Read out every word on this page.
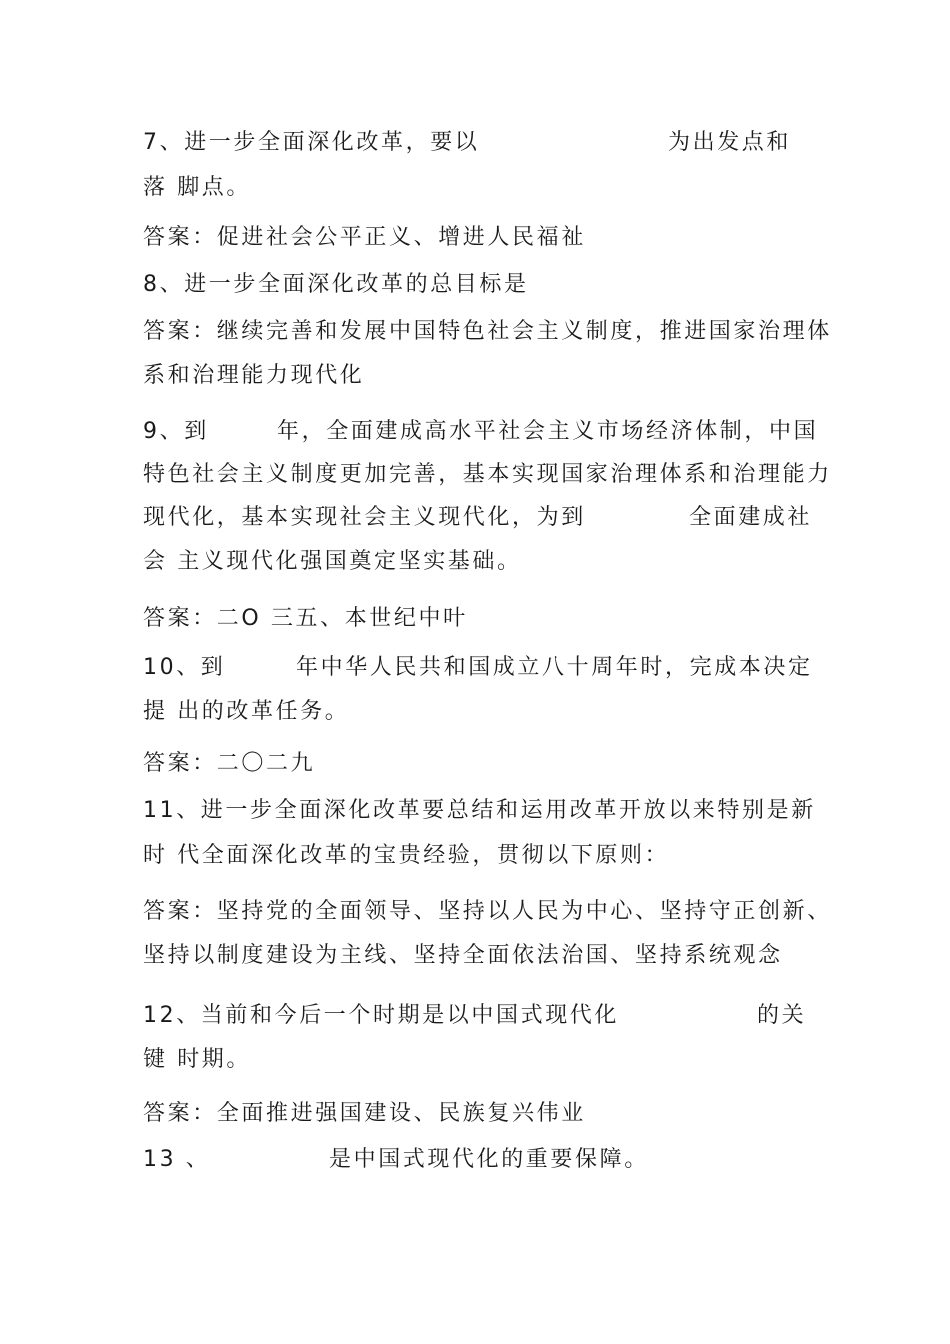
7、进一步全面深化改革，要以	为出发点和
落 脚点。
答案：促进社会公平正义、增进人民福祉
8、进一步全面深化改革的总目标是
答案：继续完善和发展中国特色社会主义制度，推进国家治理体
系和治理能力现代化
9、到	年，全面建成高水平社会主义市场经济体制，中国
特色社会主义制度更加完善，基本实现国家治理体系和治理能力
现代化，基本实现社会主义现代化，为到	全面建成社
会 主义现代化强国奠定坚实基础。
答案：二O 三五、本世纪中叶
10、到	年中华人民共和国成立八十周年时，完成本决定
提 出的改革任务。
答案：二〇二九
11、进一步全面深化改革要总结和运用改革开放以来特别是新
时 代全面深化改革的宝贵经验，贯彻以下原则：
答案：坚持党的全面领导、坚持以人民为中心、坚持守正创新、
坚持以制度建设为主线、坚持全面依法治国、坚持系统观念
12、当前和今后一个时期是以中国式现代化	的关
键 时期。
答案：全面推进强国建设、民族复兴伟业
13 、	是中国式现代化的重要保障。
